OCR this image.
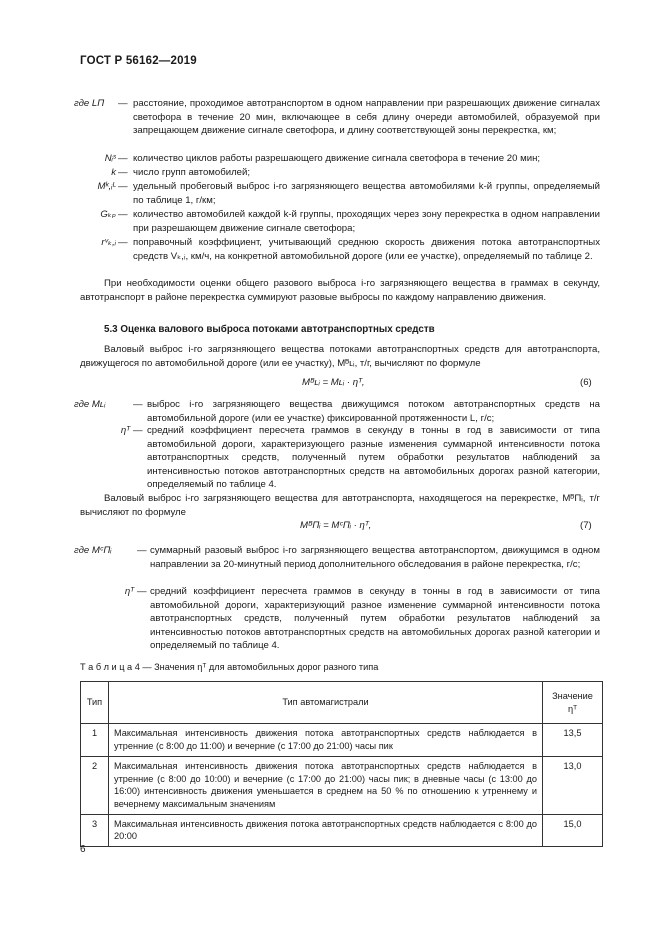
ГОСТ Р 56162—2019
где LП	— расстояние, проходимое автотранспортом в одном направлении при разрешающих движение сигналах светофора в течение 20 мин, включающее в себя длину очереди автомобилей, образуемой при запрещающем движение сигнале светофора, и длину соответствующей зоны перекрестка, км;
Nᵢˢ — количество циклов работы разрешающего движение сигнала светофора в течение 20 мин;
k — число групп автомобилей;
Mᵏ,ᵢᴸ — удельный пробеговый выброс i-го загрязняющего вещества автомобилями k-й группы, определяемый по таблице 1, г/км;
Gₖₚ — количество автомобилей каждой k-й группы, проходящих через зону перекрестка в одном направлении при разрешающем движение сигнале светофора;
rᵛₖ,ᵢ — поправочный коэффициент, учитывающий среднюю скорость движения потока автотранспортных средств Vₖ,ᵢ, км/ч, на конкретной автомобильной дороге (или ее участке), определяемый по таблице 2.
При необходимости оценки общего разового выброса i-го загрязняющего вещества в граммах в секунду, автотранспорт в районе перекрестка суммируют разовые выбросы по каждому направлению движения.
5.3 Оценка валового выброса потоками автотранспортных средств
Валовый выброс i-го загрязняющего вещества потоками автотранспортных средств для автотранспорта, движущегося по автомобильной дороге (или ее участку), Mᴮʟᵢ, т/г, вычисляют по формуле
Mᴮʟᵢ = Mʟᵢ · ηᵀ,	(6)
где Mʟᵢ	— выброс i-го загрязняющего вещества движущимся потоком автотранспортных средств на автомобильной дороге (или ее участке) фиксированной протяженности L, г/с;
ηᵀ — средний коэффициент пересчета граммов в секунду в тонны в год в зависимости от типа автомобильной дороги, характеризующего разные изменения суммарной интенсивности потока автотранспортных средств, полученный путем обработки результатов наблюдений за интенсивностью потоков автотранспортных средств на автомобильных дорогах разной категории, определяемый по таблице 4.
Валовый выброс i-го загрязняющего вещества для автотранспорта, находящегося на перекрестке, MᴮПᵢ, т/г вычисляют по формуле
MᴮПᵢ = MᶜПᵢ · ηᵀ,	(7)
где MᶜПᵢ	— суммарный разовый выброс i-го загрязняющего вещества автотранспортом, движущимся в одном направлении за 20-минутный период дополнительного обследования в районе перекрестка, г/с;
ηᵀ — средний коэффициент пересчета граммов в секунду в тонны в год в зависимости от типа автомобильной дороги, характеризующий разное изменение суммарной интенсивности потока автотранспортных средств, полученный путем обработки результатов наблюдений за интенсивностью потоков автотранспортных средств на автомобильных дорогах разной категории и определяемый по таблице 4.
Т а б л и ц а 4 — Значения ηᵀ для автомобильных дорог разного типа
Тип	Тип автомагистрали	Значение ηᵀ
1	Максимальная интенсивность движения потока автотранспортных средств наблюдается в утренние (с 8:00 до 11:00) и вечерние (с 17:00 до 21:00) часы пик	13,5
2	Максимальная интенсивность движения потока автотранспортных средств наблюдается в утренние (с 8:00 до 10:00) и вечерние (с 17:00 до 21:00) часы пик; в дневные часы (с 13:00 до 16:00) интенсивность движения уменьшается в среднем на 50 % по отношению к утреннему и вечернему максимальным значениям	13,0
3	Максимальная интенсивность движения потока автотранспортных средств наблюдается с 8:00 до 20:00	15,0
6
